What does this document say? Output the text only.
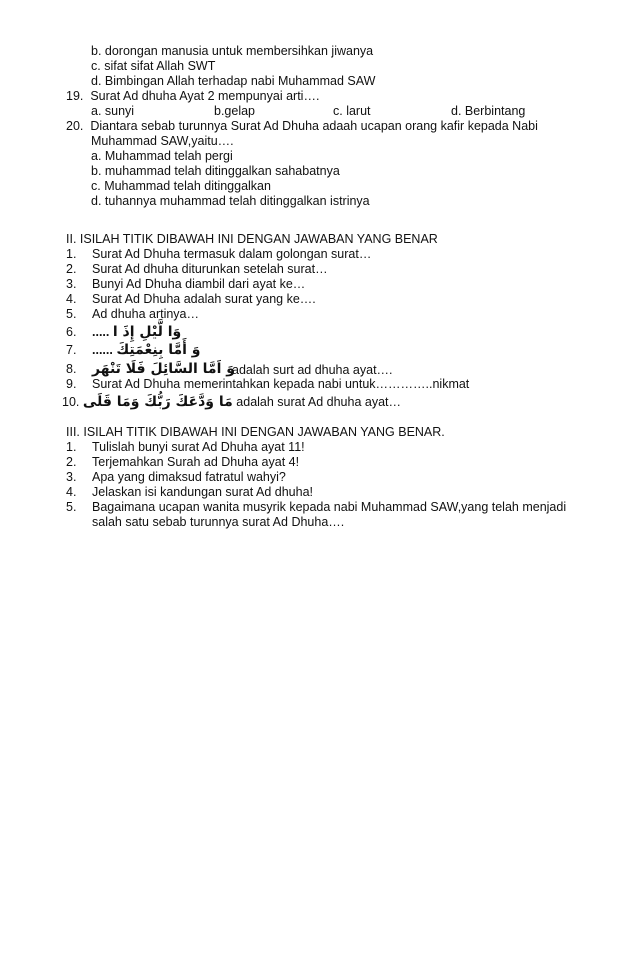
b. dorongan manusia untuk membersihkan jiwanya
c. sifat sifat Allah SWT
d. Bimbingan Allah terhadap nabi Muhammad SAW
19. Surat Ad dhuha Ayat 2 mempunyai arti….
a. sunyi	b.gelap	c. larut	d. Berbintang
20. Diantara sebab turunnya Surat Ad Dhuha adaah ucapan orang kafir kepada Nabi
Muhammad SAW,yaitu….
a. Muhammad telah pergi
b. muhammad telah ditinggalkan sahabatnya
c. Muhammad telah ditinggalkan
d. tuhannya muhammad telah ditinggalkan istrinya
II. ISILAH TITIK DIBAWAH INI DENGAN JAWABAN YANG BENAR
1. Surat Ad Dhuha termasuk dalam golongan surat…
2. Surat Ad dhuha diturunkan setelah surat…
3. Bunyi Ad Dhuha diambil dari ayat ke…
4. Surat Ad Dhuha adalah surat yang ke….
5. Ad dhuha artinya…
6. ..... وَا لَّيْلِ إِذَ ا
7. ...... وَ أَمَّا بِنِعْمَتِكَ
8. وَ اَمَّا السَّائِلَ فَلَا تَنْهَر
adalah surt ad dhuha ayat….
9. Surat Ad Dhuha memerintahkan kepada nabi untuk…………..nikmat
10. مَا وَدَّعَكَ رَبُّكَ وَمَا قَلَى adalah surat Ad dhuha ayat…
III. ISILAH TITIK DIBAWAH INI DENGAN JAWABAN YANG BENAR.
1. Tulislah bunyi surat Ad Dhuha ayat 11!
2. Terjemahkan Surah ad Dhuha ayat 4!
3. Apa yang dimaksud fatratul wahyi?
4. Jelaskan isi kandungan surat Ad dhuha!
5. Bagaimana ucapan wanita musyrik kepada nabi Muhammad SAW,yang telah menjadi
salah satu sebab turunnya surat Ad Dhuha….
